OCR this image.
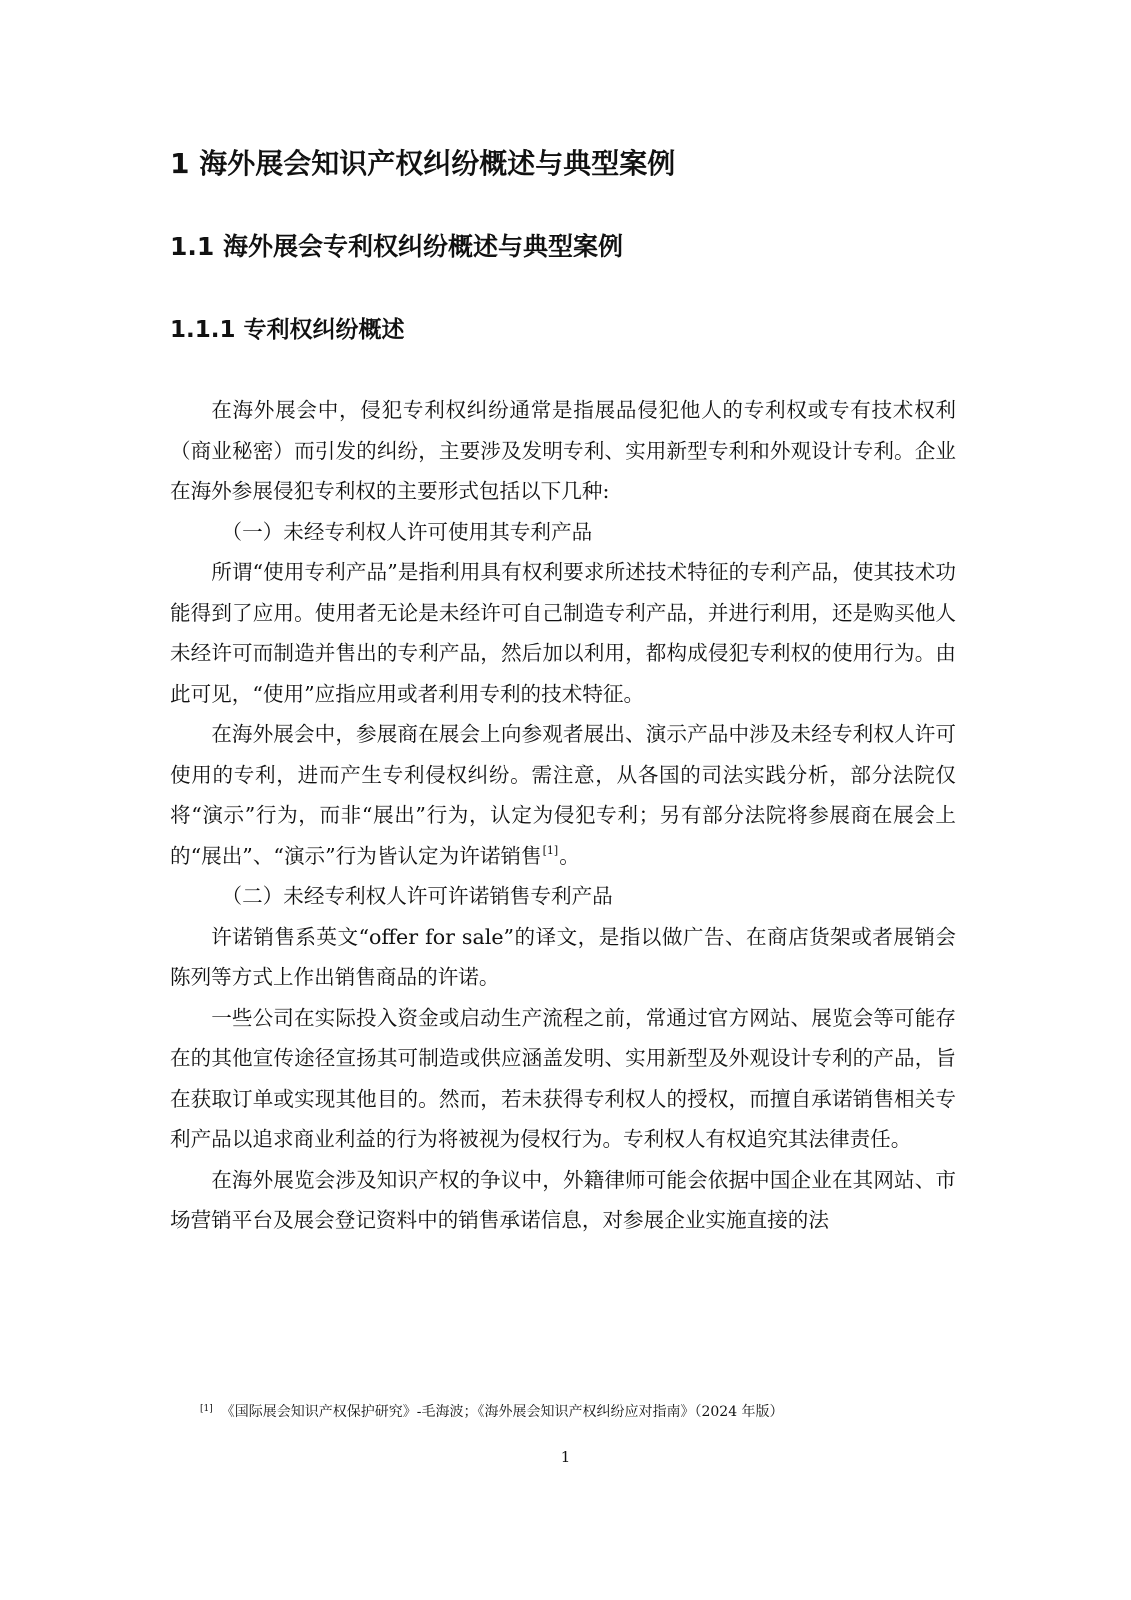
1 海外展会知识产权纠纷概述与典型案例
1.1 海外展会专利权纠纷概述与典型案例
1.1.1 专利权纠纷概述

在海外展会中，侵犯专利权纠纷通常是指展品侵犯他人的专利权或专有技术权利（商业秘密）而引发的纠纷，主要涉及发明专利、实用新型专利和外观设计专利。企业在海外参展侵犯专利权的主要形式包括以下几种:

（一）未经专利权人许可使用其专利产品

所谓“使用专利产品”是指利用具有权利要求所述技术特征的专利产品，使其技术功能得到了应用。使用者无论是未经许可自己制造专利产品，并进行利用，还是购买他人未经许可而制造并售出的专利产品，然后加以利用，都构成侵犯专利权的使用行为。由此可见，“使用”应指应用或者利用专利的技术特征。

在海外展会中，参展商在展会上向参观者展出、演示产品中涉及未经专利权人许可使用的专利，进而产生专利侵权纠纷。需注意，从各国的司法实践分析，部分法院仅将“演示”行为，而非“展出”行为，认定为侵犯专利；另有部分法院将参展商在展会上的“展出”、“演示”行为皆认定为许诺销售[1]。

（二）未经专利权人许可许诺销售专利产品

许诺销售系英文“offer for sale”的译文，是指以做广告、在商店货架或者展销会陈列等方式上作出销售商品的许诺。

一些公司在实际投入资金或启动生产流程之前，常通过官方网站、展览会等可能存在的其他宣传途径宣扬其可制造或供应涵盖发明、实用新型及外观设计专利的产品，旨在获取订单或实现其他目的。然而，若未获得专利权人的授权，而擅自承诺销售相关专利产品以追求商业利益的行为将被视为侵权行为。专利权人有权追究其法律责任。

在海外展览会涉及知识产权的争议中，外籍律师可能会依据中国企业在其网站、市场营销平台及展会登记资料中的销售承诺信息，对参展企业实施直接的法

[1] 《国际展会知识产权保护研究》-毛海波；《海外展会知识产权纠纷应对指南》（2024 年版）
1
